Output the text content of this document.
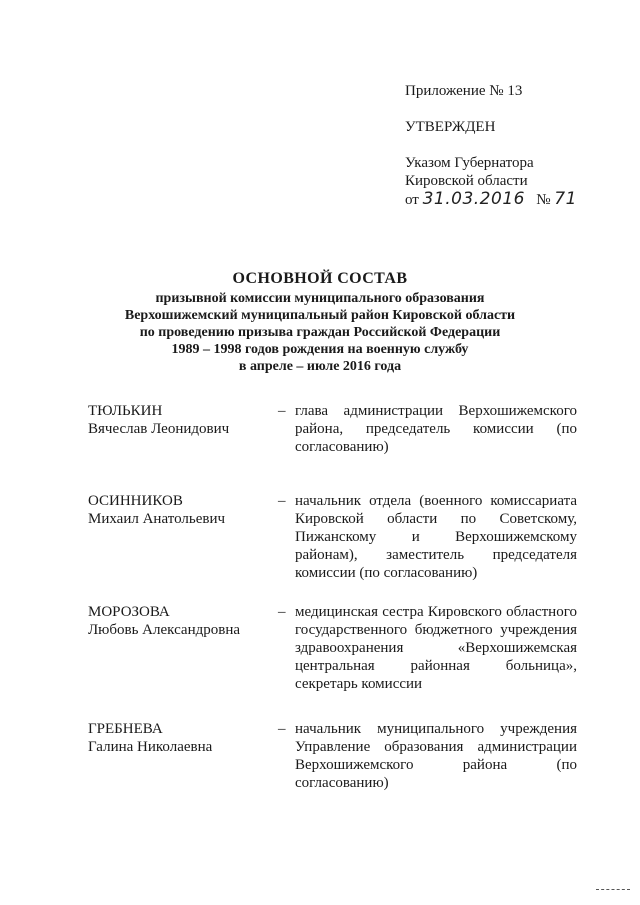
Приложение № 13
УТВЕРЖДЕН
Указом Губернатора
Кировской области
от 31.03.2016 № 71
ОСНОВНОЙ СОСТАВ
призывной комиссии муниципального образования
Верхошижемский муниципальный район Кировской области
по проведению призыва граждан Российской Федерации
1989 – 1998 годов рождения на военную службу
в апреле – июле 2016 года
ТЮЛЬКИН
Вячеслав Леонидович
– глава администрации Верхошижемского района, председатель комиссии (по согласованию)
ОСИННИКОВ
Михаил Анатольевич
– начальник отдела (военного комиссариата Кировской области по Советскому, Пижанскому и Верхошижемскому районам), заместитель председателя комиссии (по согласованию)
МОРОЗОВА
Любовь Александровна
– медицинская сестра Кировского областного государственного бюджетного учреждения здравоохранения «Верхошижемская центральная районная больница», секретарь комиссии
ГРЕБНЕВА
Галина Николаевна
– начальник муниципального учреждения Управление образования администрации Верхошижемского района (по согласованию)
